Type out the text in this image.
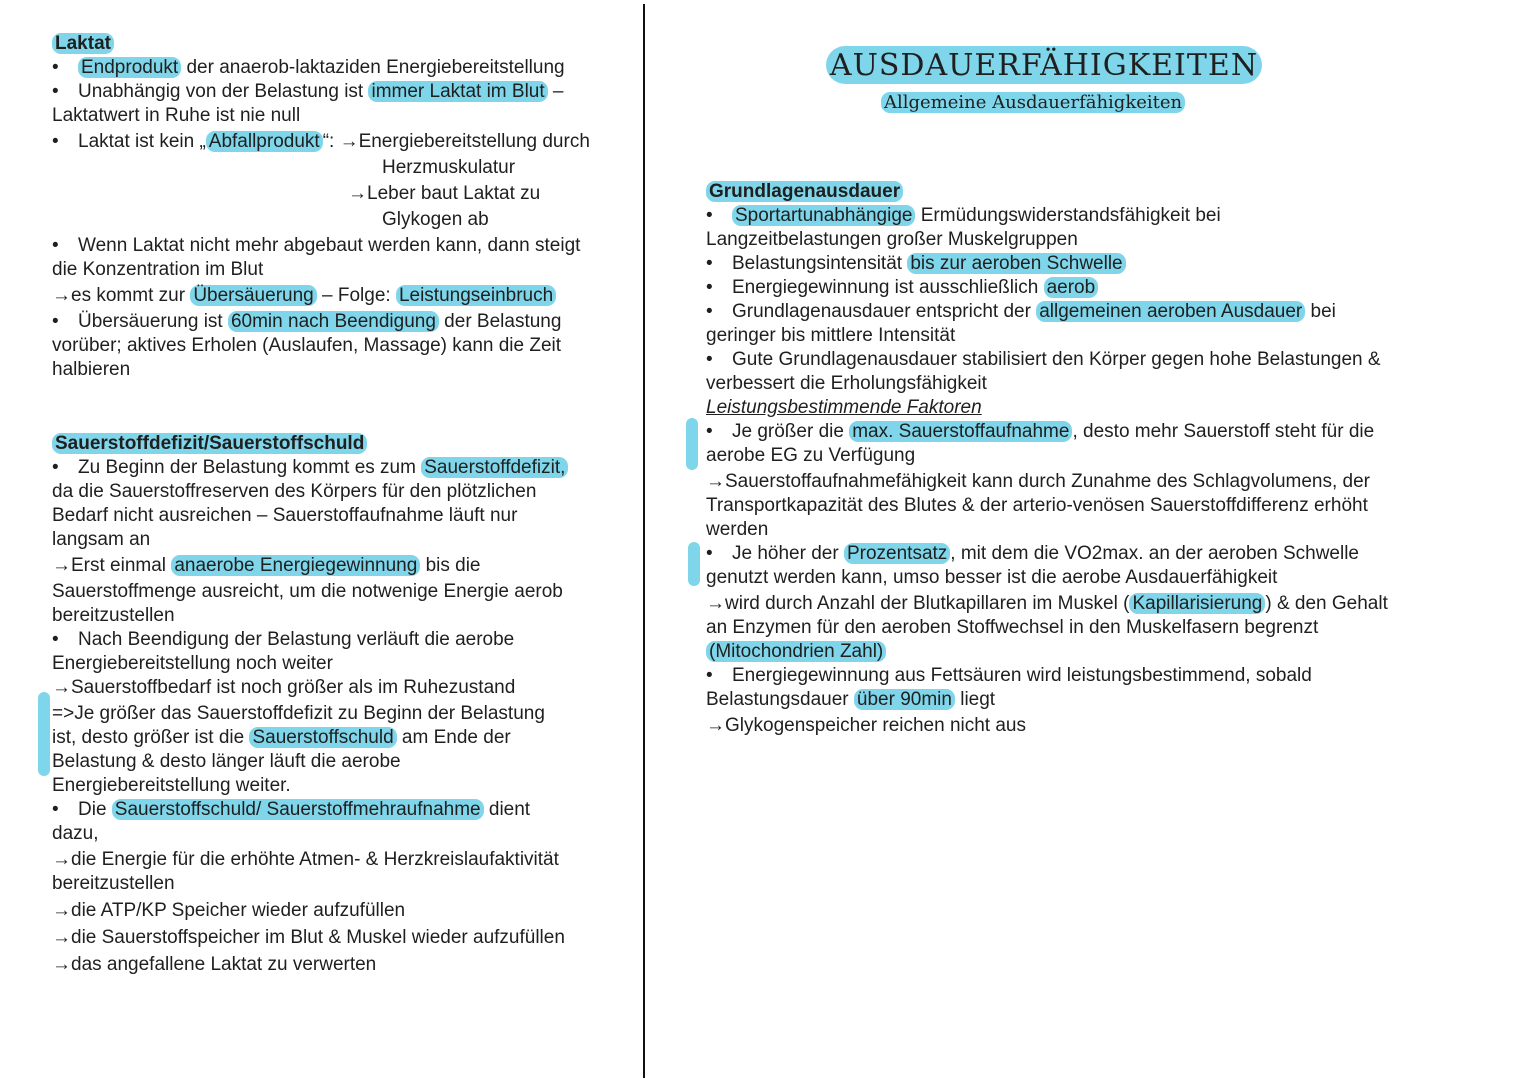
Laktat
• Endprodukt der anaerob-laktaziden Energiebereitstellung
• Unabhängig von der Belastung ist immer Laktat im Blut –
Laktatwert in Ruhe ist nie null
• Laktat ist kein „ Abfallprodukt “: →Energiebereitstellung durch
Herzmuskulatur
→Leber baut Laktat zu
Glykogen ab
• Wenn Laktat nicht mehr abgebaut werden kann, dann steigt
die Konzentration im Blut
→es kommt zur Übersäuerung – Folge: Leistungseinbruch
• Übersäuerung ist 60min nach Beendigung der Belastung
vorüber; aktives Erholen (Auslaufen, Massage) kann die Zeit
halbieren
Sauerstoffdefizit/Sauerstoffschuld
• Zu Beginn der Belastung kommt es zum Sauerstoffdefizit,
da die Sauerstoffreserven des Körpers für den plötzlichen
Bedarf nicht ausreichen – Sauerstoffaufnahme läuft nur
langsam an
→Erst einmal anaerobe Energiegewinnung bis die
Sauerstoffmenge ausreicht, um die notwenige Energie aerob
bereitzustellen
• Nach Beendigung der Belastung verläuft die aerobe
Energiebereitstellung noch weiter
→Sauerstoffbedarf ist noch größer als im Ruhezustand
=>Je größer das Sauerstoffdefizit zu Beginn der Belastung
ist, desto größer ist die Sauerstoffschuld am Ende der
Belastung & desto länger läuft die aerobe
Energiebereitstellung weiter.
• Die Sauerstoffschuld/ Sauerstoffmehraufnahme dient
dazu,
→die Energie für die erhöhte Atmen- & Herzkreislaufaktivität
bereitzustellen
→die ATP/KP Speicher wieder aufzufüllen
→die Sauerstoffspeicher im Blut & Muskel wieder aufzufüllen
→das angefallene Laktat zu verwerten
AUSDAUERFÄHIGKEITEN
Allgemeine Ausdauerfähigkeiten
Grundlagenausdauer
• Sportartunabhängige Ermüdungswiderstandsfähigkeit bei
Langzeitbelastungen großer Muskelgruppen
• Belastungsintensität bis zur aeroben Schwelle
• Energiegewinnung ist ausschließlich aerob
• Grundlagenausdauer entspricht der allgemeinen aeroben Ausdauer bei
geringer bis mittlere Intensität
• Gute Grundlagenausdauer stabilisiert den Körper gegen hohe Belastungen &
verbessert die Erholungsfähigkeit
Leistungsbestimmende Faktoren
• Je größer die max. Sauerstoffaufnahme , desto mehr Sauerstoff steht für die
aerobe EG zu Verfügung
→Sauerstoffaufnahmefähigkeit kann durch Zunahme des Schlagvolumens, der
Transportkapazität des Blutes & der arterio-venösen Sauerstoffdifferenz erhöht
werden
• Je höher der Prozentsatz , mit dem die VO2max. an der aeroben Schwelle
genutzt werden kann, umso besser ist die aerobe Ausdauerfähigkeit
→wird durch Anzahl der Blutkapillaren im Muskel ( Kapillarisierung ) & den Gehalt
an Enzymen für den aeroben Stoffwechsel in den Muskelfasern begrenzt
(Mitochondrien Zahl)
• Energiegewinnung aus Fettsäuren wird leistungsbestimmend, sobald
Belastungsdauer über 90min liegt
→Glykogenspeicher reichen nicht aus
